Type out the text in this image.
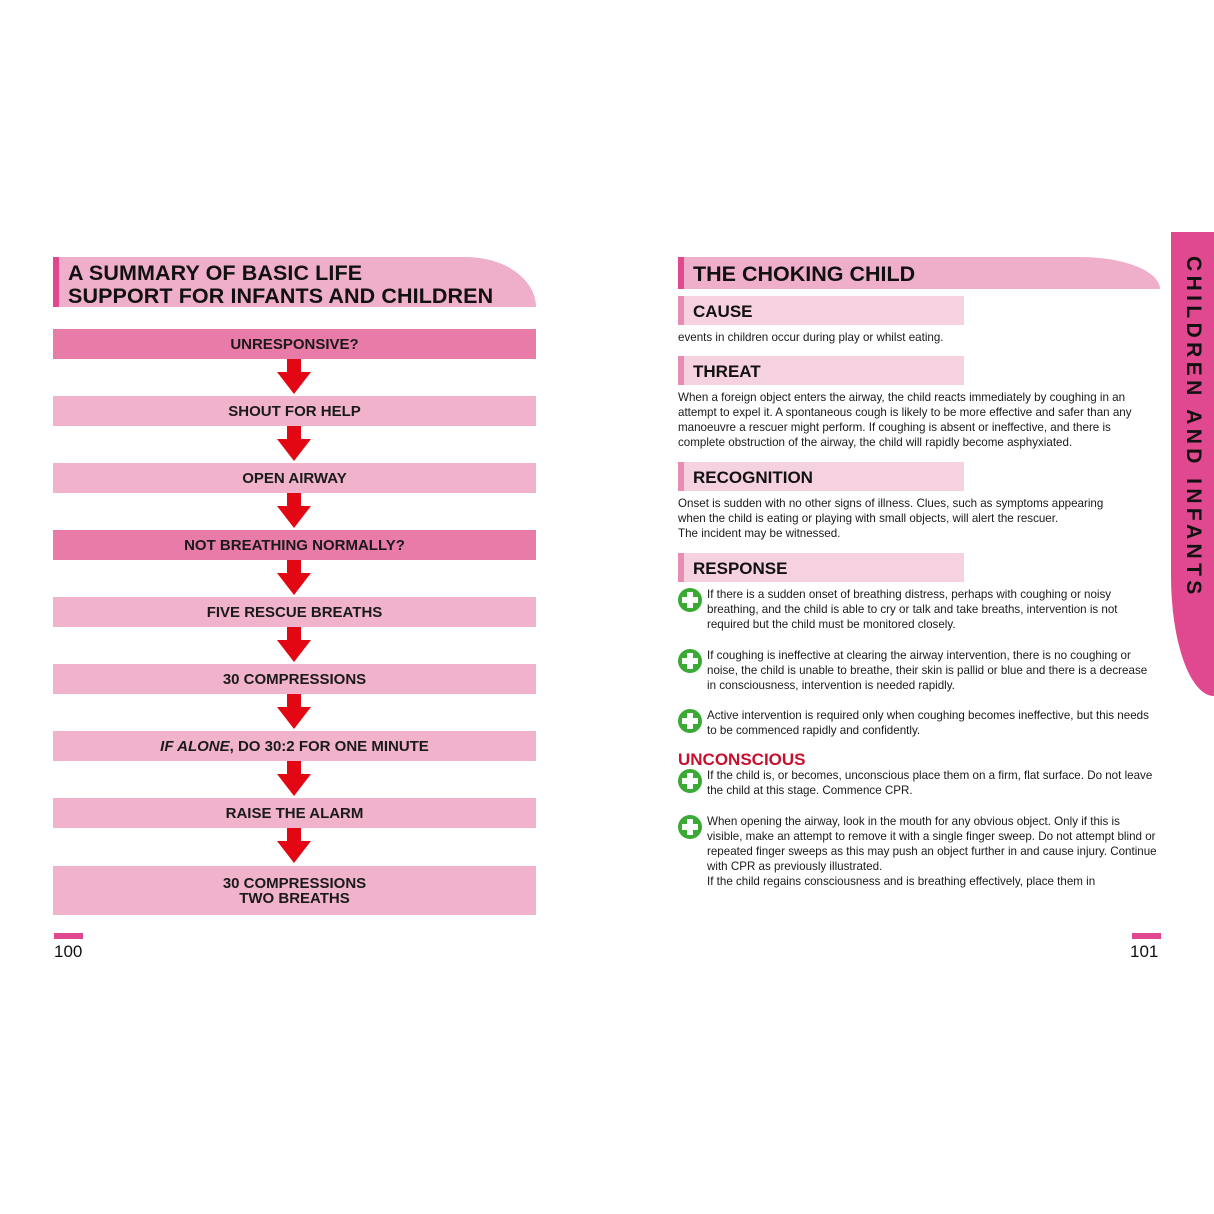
A SUMMARY OF BASIC LIFE
SUPPORT FOR INFANTS AND CHILDREN
UNRESPONSIVE?
SHOUT FOR HELP
OPEN AIRWAY
NOT BREATHING NORMALLY?
FIVE RESCUE BREATHS
30 COMPRESSIONS
IF ALONE, DO 30:2 FOR ONE MINUTE
RAISE THE ALARM
30 COMPRESSIONS
TWO BREATHS
100
THE CHOKING CHILD
CAUSE
events in children occur during play or whilst eating.
THREAT
When a foreign object enters the airway, the child reacts immediately by coughing in an attempt to expel it. A spontaneous cough is likely to be more effective and safer than any manoeuvre a rescuer might perform. If coughing is absent or ineffective, and there is complete obstruction of the airway, the child will rapidly become asphyxiated.
RECOGNITION
Onset is sudden with no other signs of illness. Clues, such as symptoms appearing when the child is eating or playing with small objects, will alert the rescuer.
The incident may be witnessed.
RESPONSE
If there is a sudden onset of breathing distress, perhaps with coughing or noisy breathing, and the child is able to cry or talk and take breaths, intervention is not required but the child must be monitored closely.
If coughing is ineffective at clearing the airway intervention, there is no coughing or noise, the child is unable to breathe, their skin is pallid or blue and there is a decrease in consciousness, intervention is needed rapidly.
Active intervention is required only when coughing becomes ineffective, but this needs to be commenced rapidly and confidently.
UNCONSCIOUS
If the child is, or becomes, unconscious place them on a firm, flat surface. Do not leave the child at this stage. Commence CPR.
When opening the airway, look in the mouth for any obvious object. Only if this is visible, make an attempt to remove it with a single finger sweep. Do not attempt blind or repeated finger sweeps as this may push an object further in and cause injury. Continue with CPR as previously illustrated.
If the child regains consciousness and is breathing effectively, place them in
CHILDREN AND INFANTS
101
